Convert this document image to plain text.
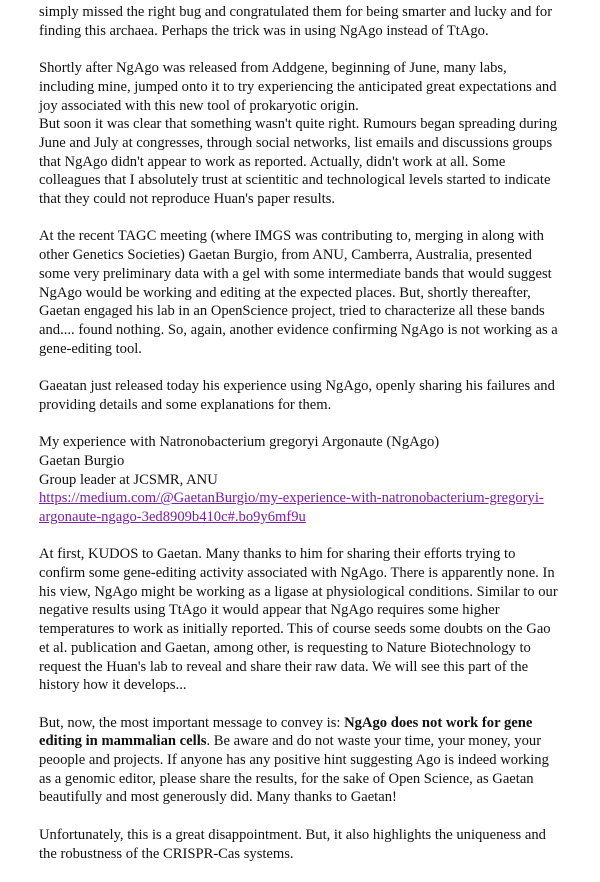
simply missed the right bug and congratulated them for being smarter and lucky and for
finding this archaea. Perhaps the trick was in using NgAgo instead of TtAgo.
Shortly after NgAgo was released from Addgene, beginning of June, many labs,
including mine, jumped onto it to try experiencing the anticipated great expectations and
joy associated with this new tool of prokaryotic origin.
But soon it was clear that something wasn't quite right. Rumours began spreading during
June and July at congresses, through social networks, list emails and discussions groups
that NgAgo didn't appear to work as reported. Actually, didn't work at all. Some
colleagues that I absolutely trust at scientitic and technological levels started to indicate
that they could not reproduce Huan's paper results.
At the recent TAGC meeting (where IMGS was contributing to, merging in along with
other Genetics Societies) Gaetan Burgio, from ANU, Camberra, Australia, presented
some very preliminary data with a gel with some intermediate bands that would suggest
NgAgo would be working and editing at the expected places. But, shortly thereafter,
Gaetan engaged his lab in an OpenScience project, tried to characterize all these bands
and.... found nothing. So, again, another evidence confirming NgAgo is not working as a
gene-editing tool.
Gaeatan just released today his experience using NgAgo, openly sharing his failures and
providing details and some explanations for them.
My experience with Natronobacterium gregoryi Argonaute (NgAgo)
Gaetan Burgio
Group leader at JCSMR, ANU
https://medium.com/@GaetanBurgio/my-experience-with-natronobacterium-gregoryi-
argonaute-ngago-3ed8909b410c#.bo9y6mf9u
At first, KUDOS to Gaetan. Many thanks to him for sharing their efforts trying to
confirm some gene-editing activity associated with NgAgo. There is apparently none. In
his view, NgAgo might be working as a ligase at physiological conditions. Similar to our
negative results using TtAgo it would appear that NgAgo requires some higher
temperatures to work as initially reported. This of course seeds some doubts on the Gao
et al. publication and Gaetan, among other, is requesting to Nature Biotechnology to
request the Huan's lab to reveal and share their raw data. We will see this part of the
history how it develops...
But, now, the most important message to convey is: NgAgo does not work for gene
editing in mammalian cells. Be aware and do not waste your time, your money, your
peoople and projects. If anyone has any positive hint suggesting Ago is indeed working
as a genomic editor, please share the results, for the sake of Open Science, as Gaetan
beautifully and most generously did. Many thanks to Gaetan!
Unfortunately, this is a great disappointment. But, it also highlights the uniqueness and
the robustness of the CRISPR-Cas systems.
